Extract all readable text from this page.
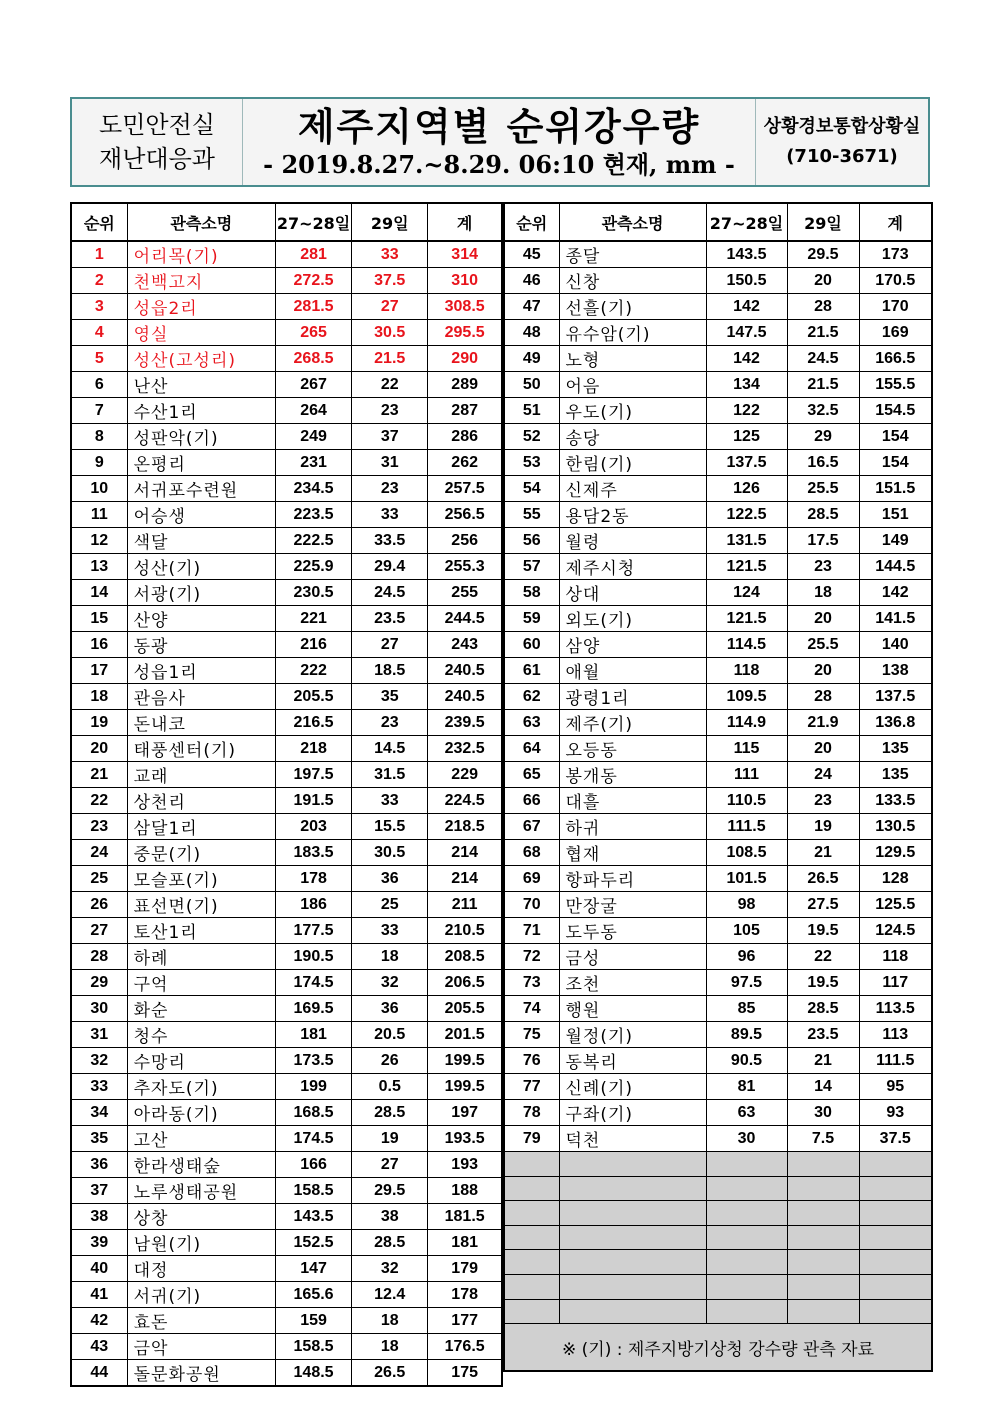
도민안전실
재난대응과
제주지역별 순위강우량
- 2019.8.27.~8.29. 06:10 현재, mm -
상황경보통합상황실
(710-3671)
순위	관측소명	27~28일	29일	계
1	어리목(기)	281	33	314
2	천백고지	272.5	37.5	310
3	성읍2리	281.5	27	308.5
4	영실	265	30.5	295.5
5	성산(고성리)	268.5	21.5	290
6	난산	267	22	289
7	수산1리	264	23	287
8	성판악(기)	249	37	286
9	온평리	231	31	262
10	서귀포수련원	234.5	23	257.5
11	어승생	223.5	33	256.5
12	색달	222.5	33.5	256
13	성산(기)	225.9	29.4	255.3
14	서광(기)	230.5	24.5	255
15	산양	221	23.5	244.5
16	동광	216	27	243
17	성읍1리	222	18.5	240.5
18	관음사	205.5	35	240.5
19	돈내코	216.5	23	239.5
20	태풍센터(기)	218	14.5	232.5
21	교래	197.5	31.5	229
22	상천리	191.5	33	224.5
23	삼달1리	203	15.5	218.5
24	중문(기)	183.5	30.5	214
25	모슬포(기)	178	36	214
26	표선면(기)	186	25	211
27	토산1리	177.5	33	210.5
28	하례	190.5	18	208.5
29	구억	174.5	32	206.5
30	화순	169.5	36	205.5
31	청수	181	20.5	201.5
32	수망리	173.5	26	199.5
33	추자도(기)	199	0.5	199.5
34	아라동(기)	168.5	28.5	197
35	고산	174.5	19	193.5
36	한라생태숲	166	27	193
37	노루생태공원	158.5	29.5	188
38	상창	143.5	38	181.5
39	남원(기)	152.5	28.5	181
40	대정	147	32	179
41	서귀(기)	165.6	12.4	178
42	효돈	159	18	177
43	금악	158.5	18	176.5
44	돌문화공원	148.5	26.5	175
순위	관측소명	27~28일	29일	계
45	종달	143.5	29.5	173
46	신창	150.5	20	170.5
47	선흘(기)	142	28	170
48	유수암(기)	147.5	21.5	169
49	노형	142	24.5	166.5
50	어음	134	21.5	155.5
51	우도(기)	122	32.5	154.5
52	송당	125	29	154
53	한림(기)	137.5	16.5	154
54	신제주	126	25.5	151.5
55	용담2동	122.5	28.5	151
56	월령	131.5	17.5	149
57	제주시청	121.5	23	144.5
58	상대	124	18	142
59	외도(기)	121.5	20	141.5
60	삼양	114.5	25.5	140
61	애월	118	20	138
62	광령1리	109.5	28	137.5
63	제주(기)	114.9	21.9	136.8
64	오등동	115	20	135
65	봉개동	111	24	135
66	대흘	110.5	23	133.5
67	하귀	111.5	19	130.5
68	협재	108.5	21	129.5
69	항파두리	101.5	26.5	128
70	만장굴	98	27.5	125.5
71	도두동	105	19.5	124.5
72	금성	96	22	118
73	조천	97.5	19.5	117
74	행원	85	28.5	113.5
75	월정(기)	89.5	23.5	113
76	동복리	90.5	21	111.5
77	신례(기)	81	14	95
78	구좌(기)	63	30	93
79	덕천	30	7.5	37.5

※ (기) : 제주지방기상청 강수량 관측 자료				
